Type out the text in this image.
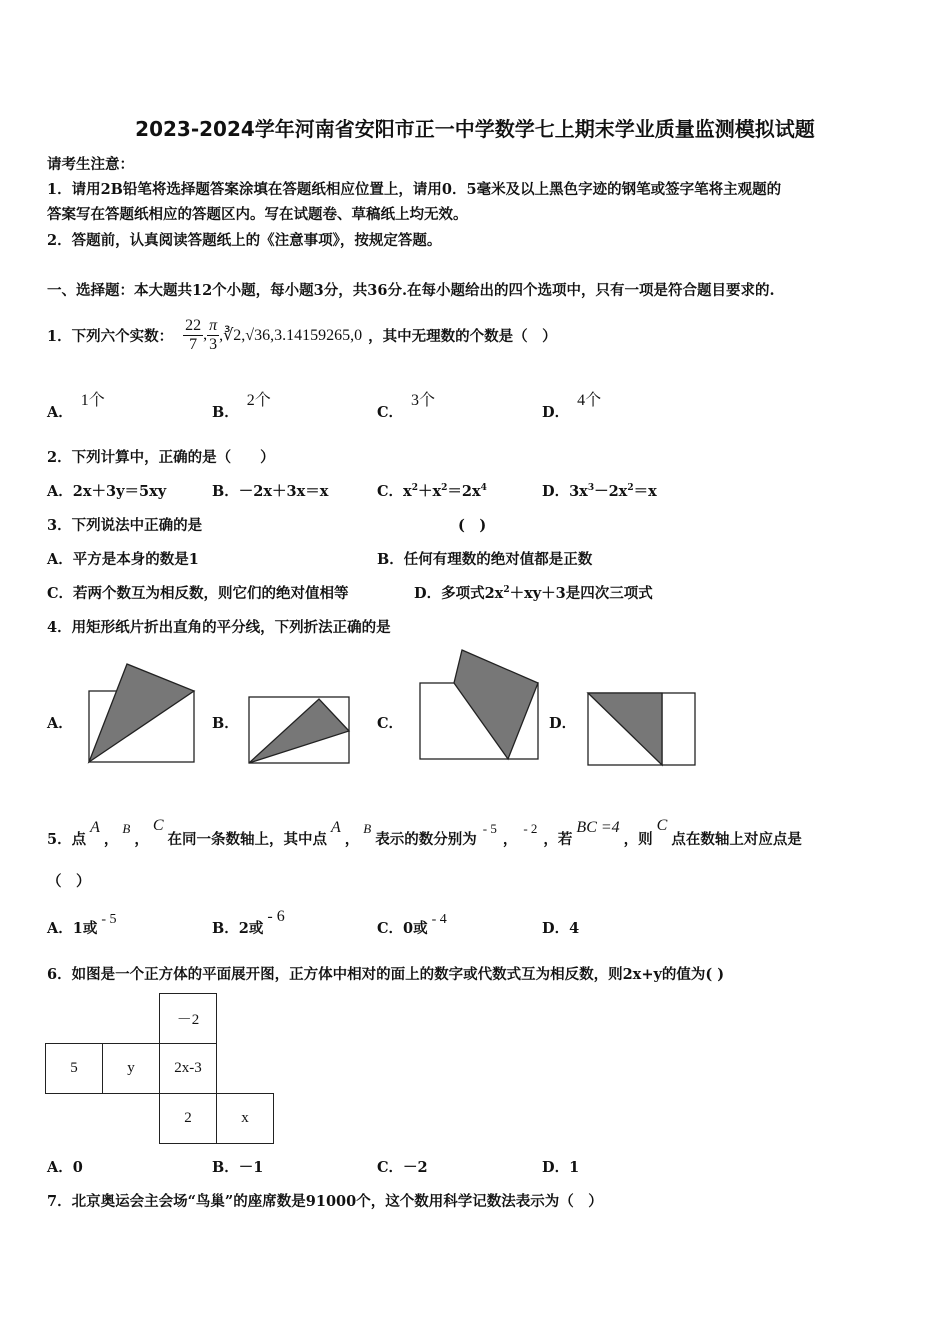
2023-2024学年河南省安阳市正一中学数学七上期末学业质量监测模拟试题
请考生注意：
1．请用2B铅笔将选择题答案涂填在答题纸相应位置上，请用0．5毫米及以上黑色字迹的钢笔或签字笔将主观题的
答案写在答题纸相应的答题区内。写在试题卷、草稿纸上均无效。
2．答题前，认真阅读答题纸上的《注意事项》，按规定答题。
一、选择题：本大题共12个小题，每小题3分，共36分.在每小题给出的四个选项中，只有一项是符合题目要求的.
1．下列六个实数： $\frac{22}{7}$ , $\frac{\pi}{3}$ ,∛2,√36,3.14159265,0 ，其中无理数的个数是（　）
A．1个
B．2个
C．3个
D．4个
2．下列计算中，正确的是（　　）
A．2x＋3y＝5xy	B．－2x＋3x＝x	C．$x^2+x^2=2x^4$	D．$3x^3-2x^2=x$
3．下列说法中正确的是	(　)
A．平方是本身的数是1	B．任何有理数的绝对值都是正数
C．若两个数互为相反数，则它们的绝对值相等	D．多项式$2x^2+xy+3$是四次三项式
4．用矩形纸片折出直角的平分线，下列折法正确的是
A．	B．	C．	D．
5．点
A
，
B
，
C
在同一条数轴上，其中点
A
，
B
表示的数分别为
- 5
，
- 2
，若
BC =4
，则
C
点在数轴上对应点是
（　）
A．1或- 5
B．2或- 6
C．0或- 4
D．4
6．如图是一个正方体的平面展开图，正方体中相对的面上的数字或代数式互为相反数，则2x+y的值为( )
		－2	
5	y	2x-3	
		2	x
A．0	B．－1	C．－2	D．1
7．北京奥运会主会场“鸟巢”的座席数是91000个，这个数用科学记数法表示为（　）
